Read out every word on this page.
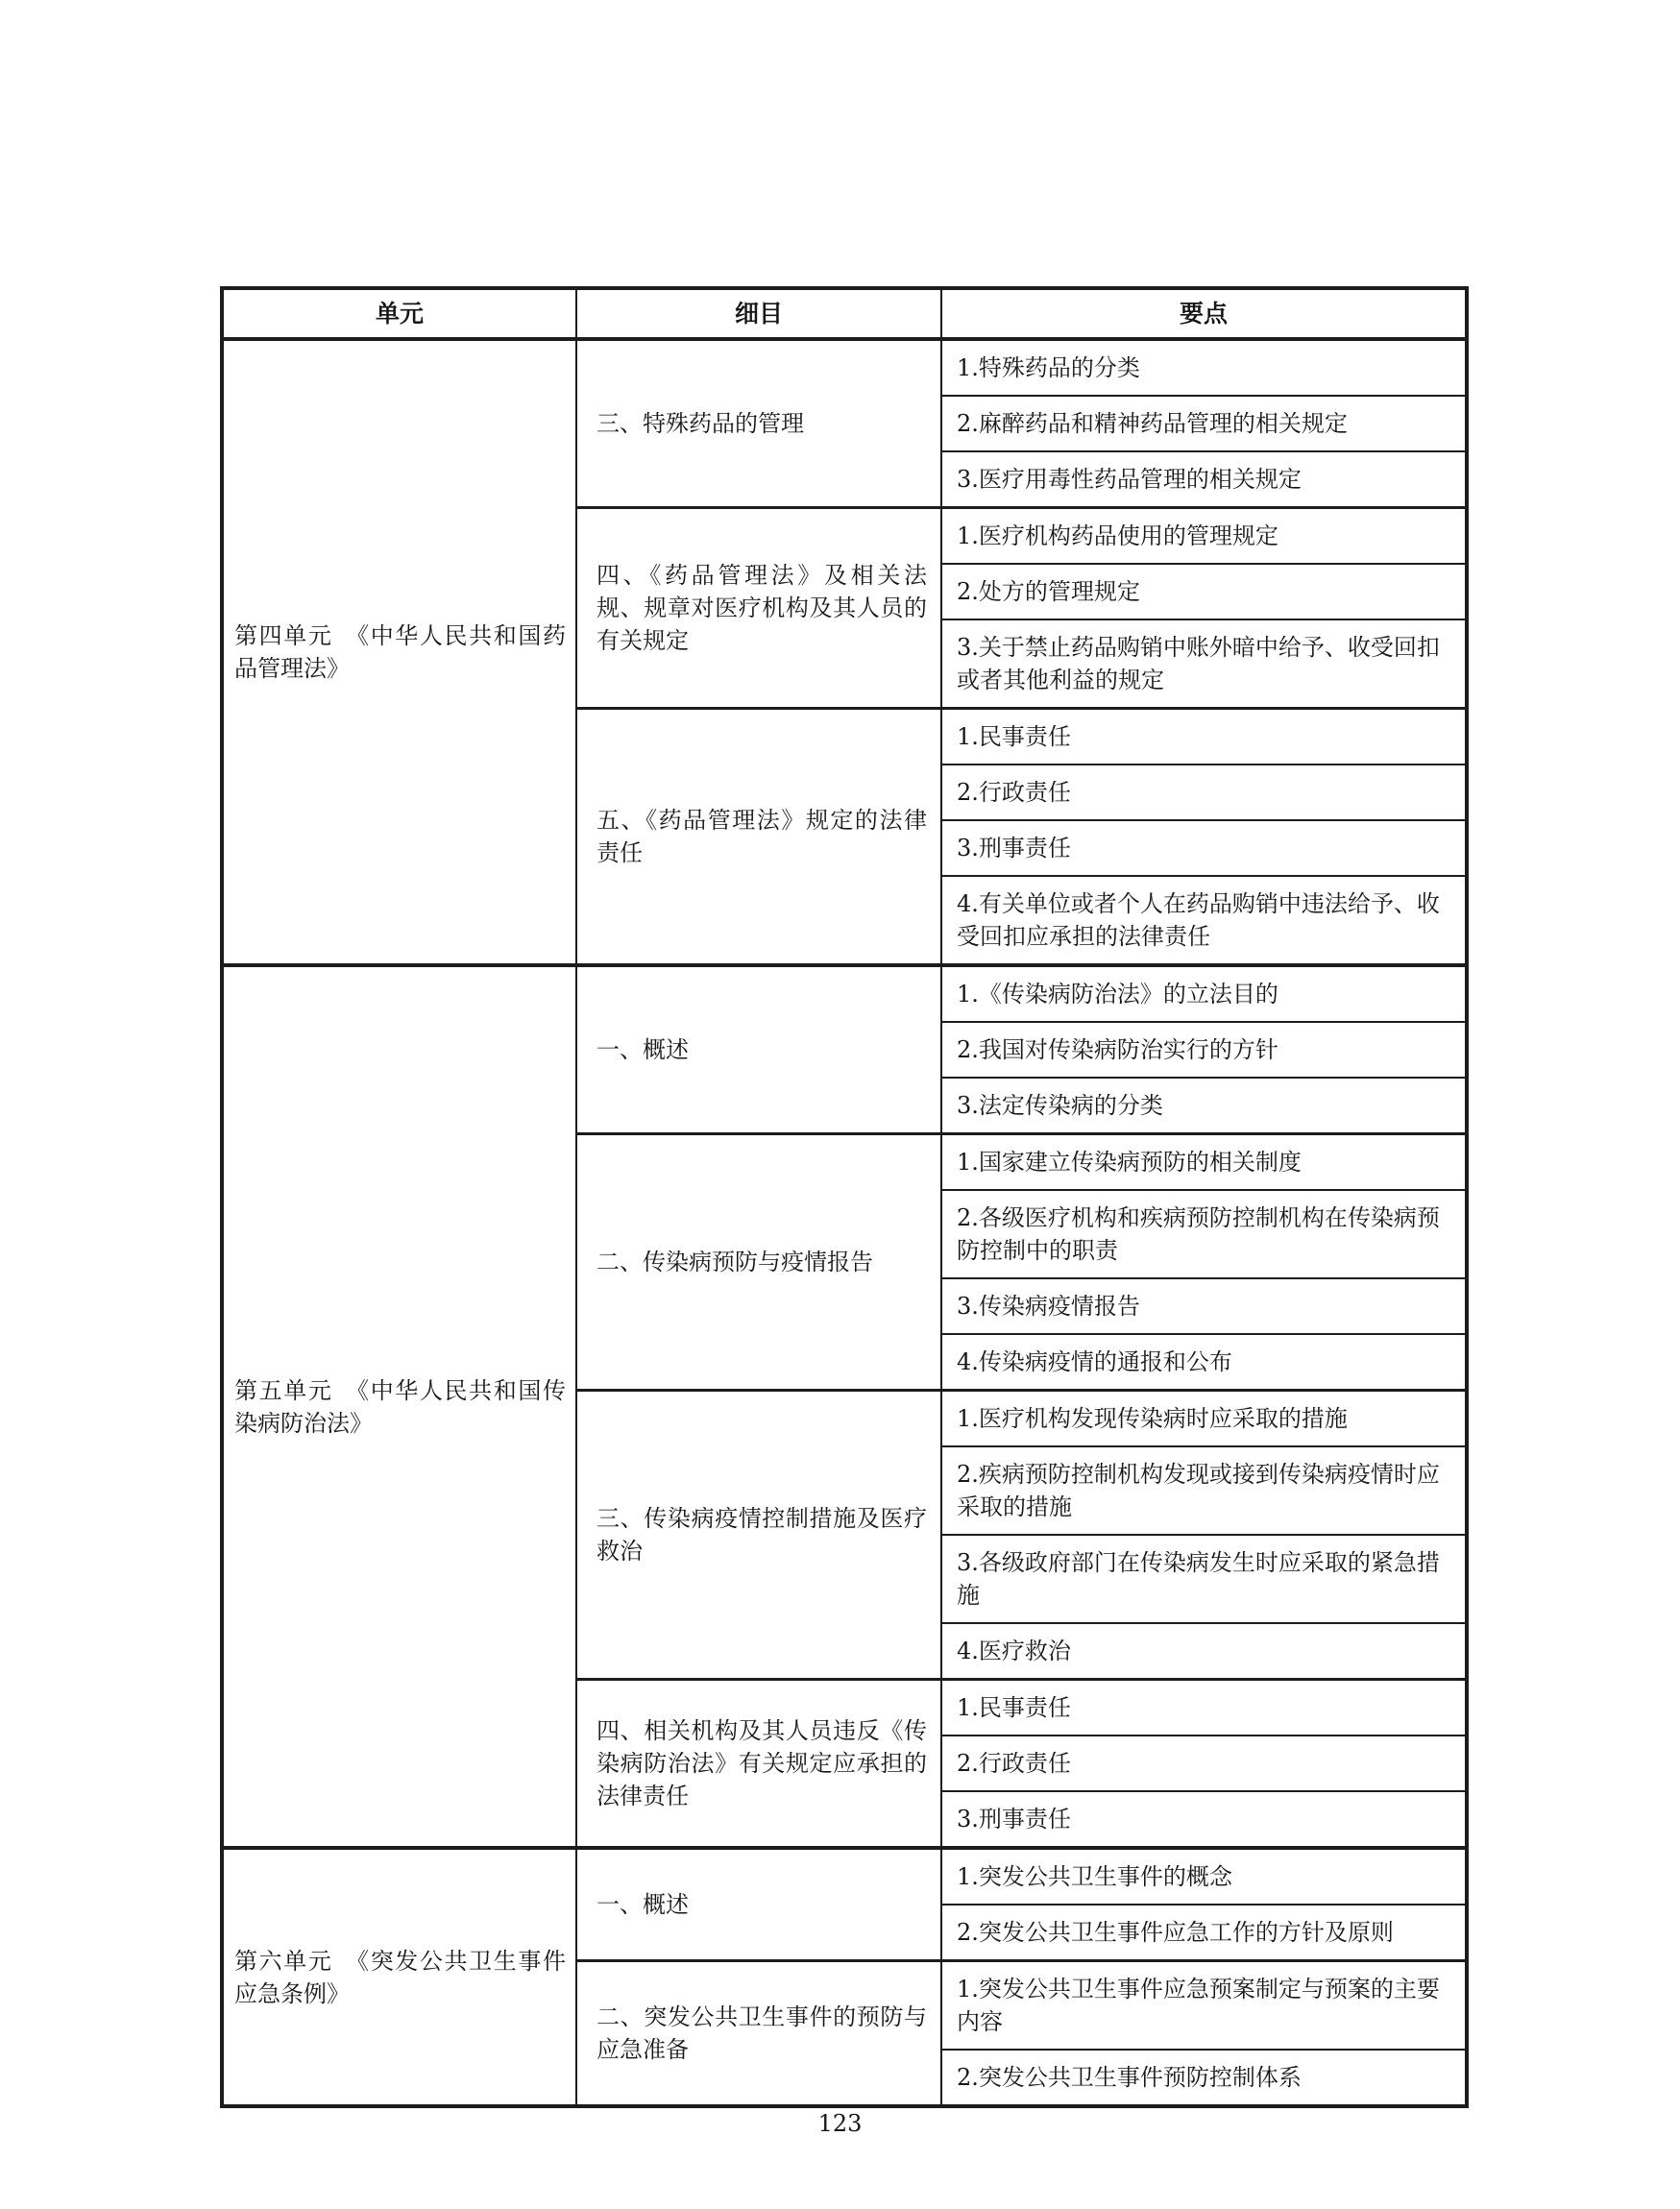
单元	细目	要点
第四单元　《中华人民共和国药品管理法》	三、特殊药品的管理	1.特殊药品的分类
		2.麻醉药品和精神药品管理的相关规定
		3.医疗用毒性药品管理的相关规定
	四、《药品管理法》及相关法规、规章对医疗机构及其人员的有关规定	1.医疗机构药品使用的管理规定
		2.处方的管理规定
		3.关于禁止药品购销中账外暗中给予、收受回扣或者其他利益的规定
	五、《药品管理法》规定的法律责任	1.民事责任
		2.行政责任
		3.刑事责任
		4.有关单位或者个人在药品购销中违法给予、收受回扣应承担的法律责任
第五单元　《中华人民共和国传染病防治法》	一、概述	1.《传染病防治法》的立法目的
		2.我国对传染病防治实行的方针
		3.法定传染病的分类
	二、传染病预防与疫情报告	1.国家建立传染病预防的相关制度
		2.各级医疗机构和疾病预防控制机构在传染病预防控制中的职责
		3.传染病疫情报告
		4.传染病疫情的通报和公布
	三、传染病疫情控制措施及医疗救治	1.医疗机构发现传染病时应采取的措施
		2.疾病预防控制机构发现或接到传染病疫情时应采取的措施
		3.各级政府部门在传染病发生时应采取的紧急措施
		4.医疗救治
	四、相关机构及其人员违反《传染病防治法》有关规定应承担的法律责任	1.民事责任
		2.行政责任
		3.刑事责任
第六单元　《突发公共卫生事件应急条例》	一、概述	1.突发公共卫生事件的概念
		2.突发公共卫生事件应急工作的方针及原则
	二、突发公共卫生事件的预防与应急准备	1.突发公共卫生事件应急预案制定与预案的主要内容
		2.突发公共卫生事件预防控制体系
123
